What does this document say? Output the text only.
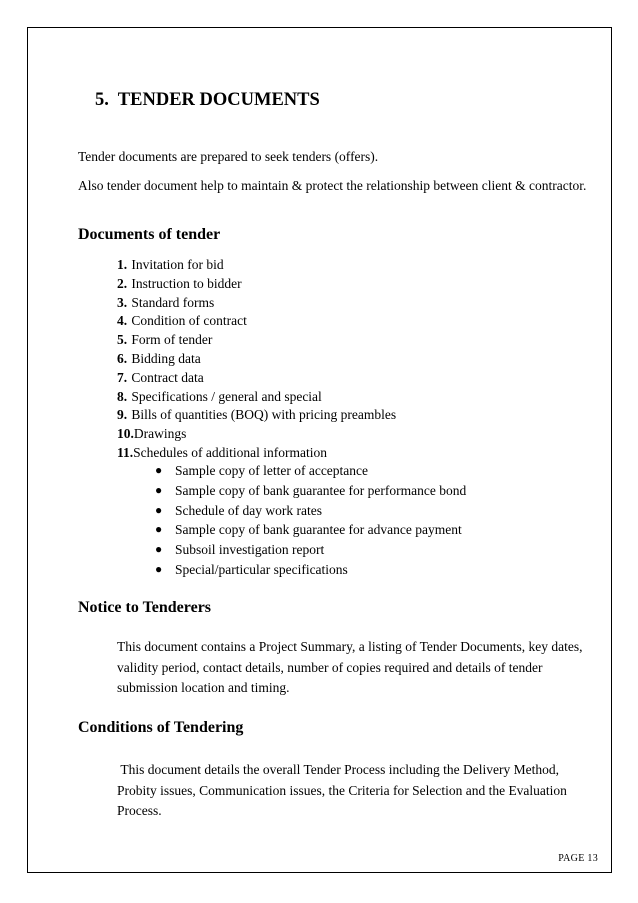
5. TENDER DOCUMENTS

Tender documents are prepared to seek tenders (offers).

Also tender document help to maintain & protect the relationship between client & contractor.

Documents of tender
1. Invitation for bid
2. Instruction to bidder
3. Standard forms
4. Condition of contract
5. Form of tender
6. Bidding data
7. Contract data
8. Specifications / general and special
9. Bills of quantities (BOQ) with pricing preambles
10.Drawings
11.Schedules of additional information
● Sample copy of letter of acceptance
● Sample copy of bank guarantee for performance bond
● Schedule of day work rates
● Sample copy of bank guarantee for advance payment
● Subsoil investigation report
● Special/particular specifications
Notice to Tenderers

This document contains a Project Summary, a listing of Tender Documents, key dates, validity period, contact details, number of copies required and details of tender submission location and timing.

Conditions of Tendering

This document details the overall Tender Process including the Delivery Method, Probity issues, Communication issues, the Criteria for Selection and the Evaluation Process.

PAGE 13
